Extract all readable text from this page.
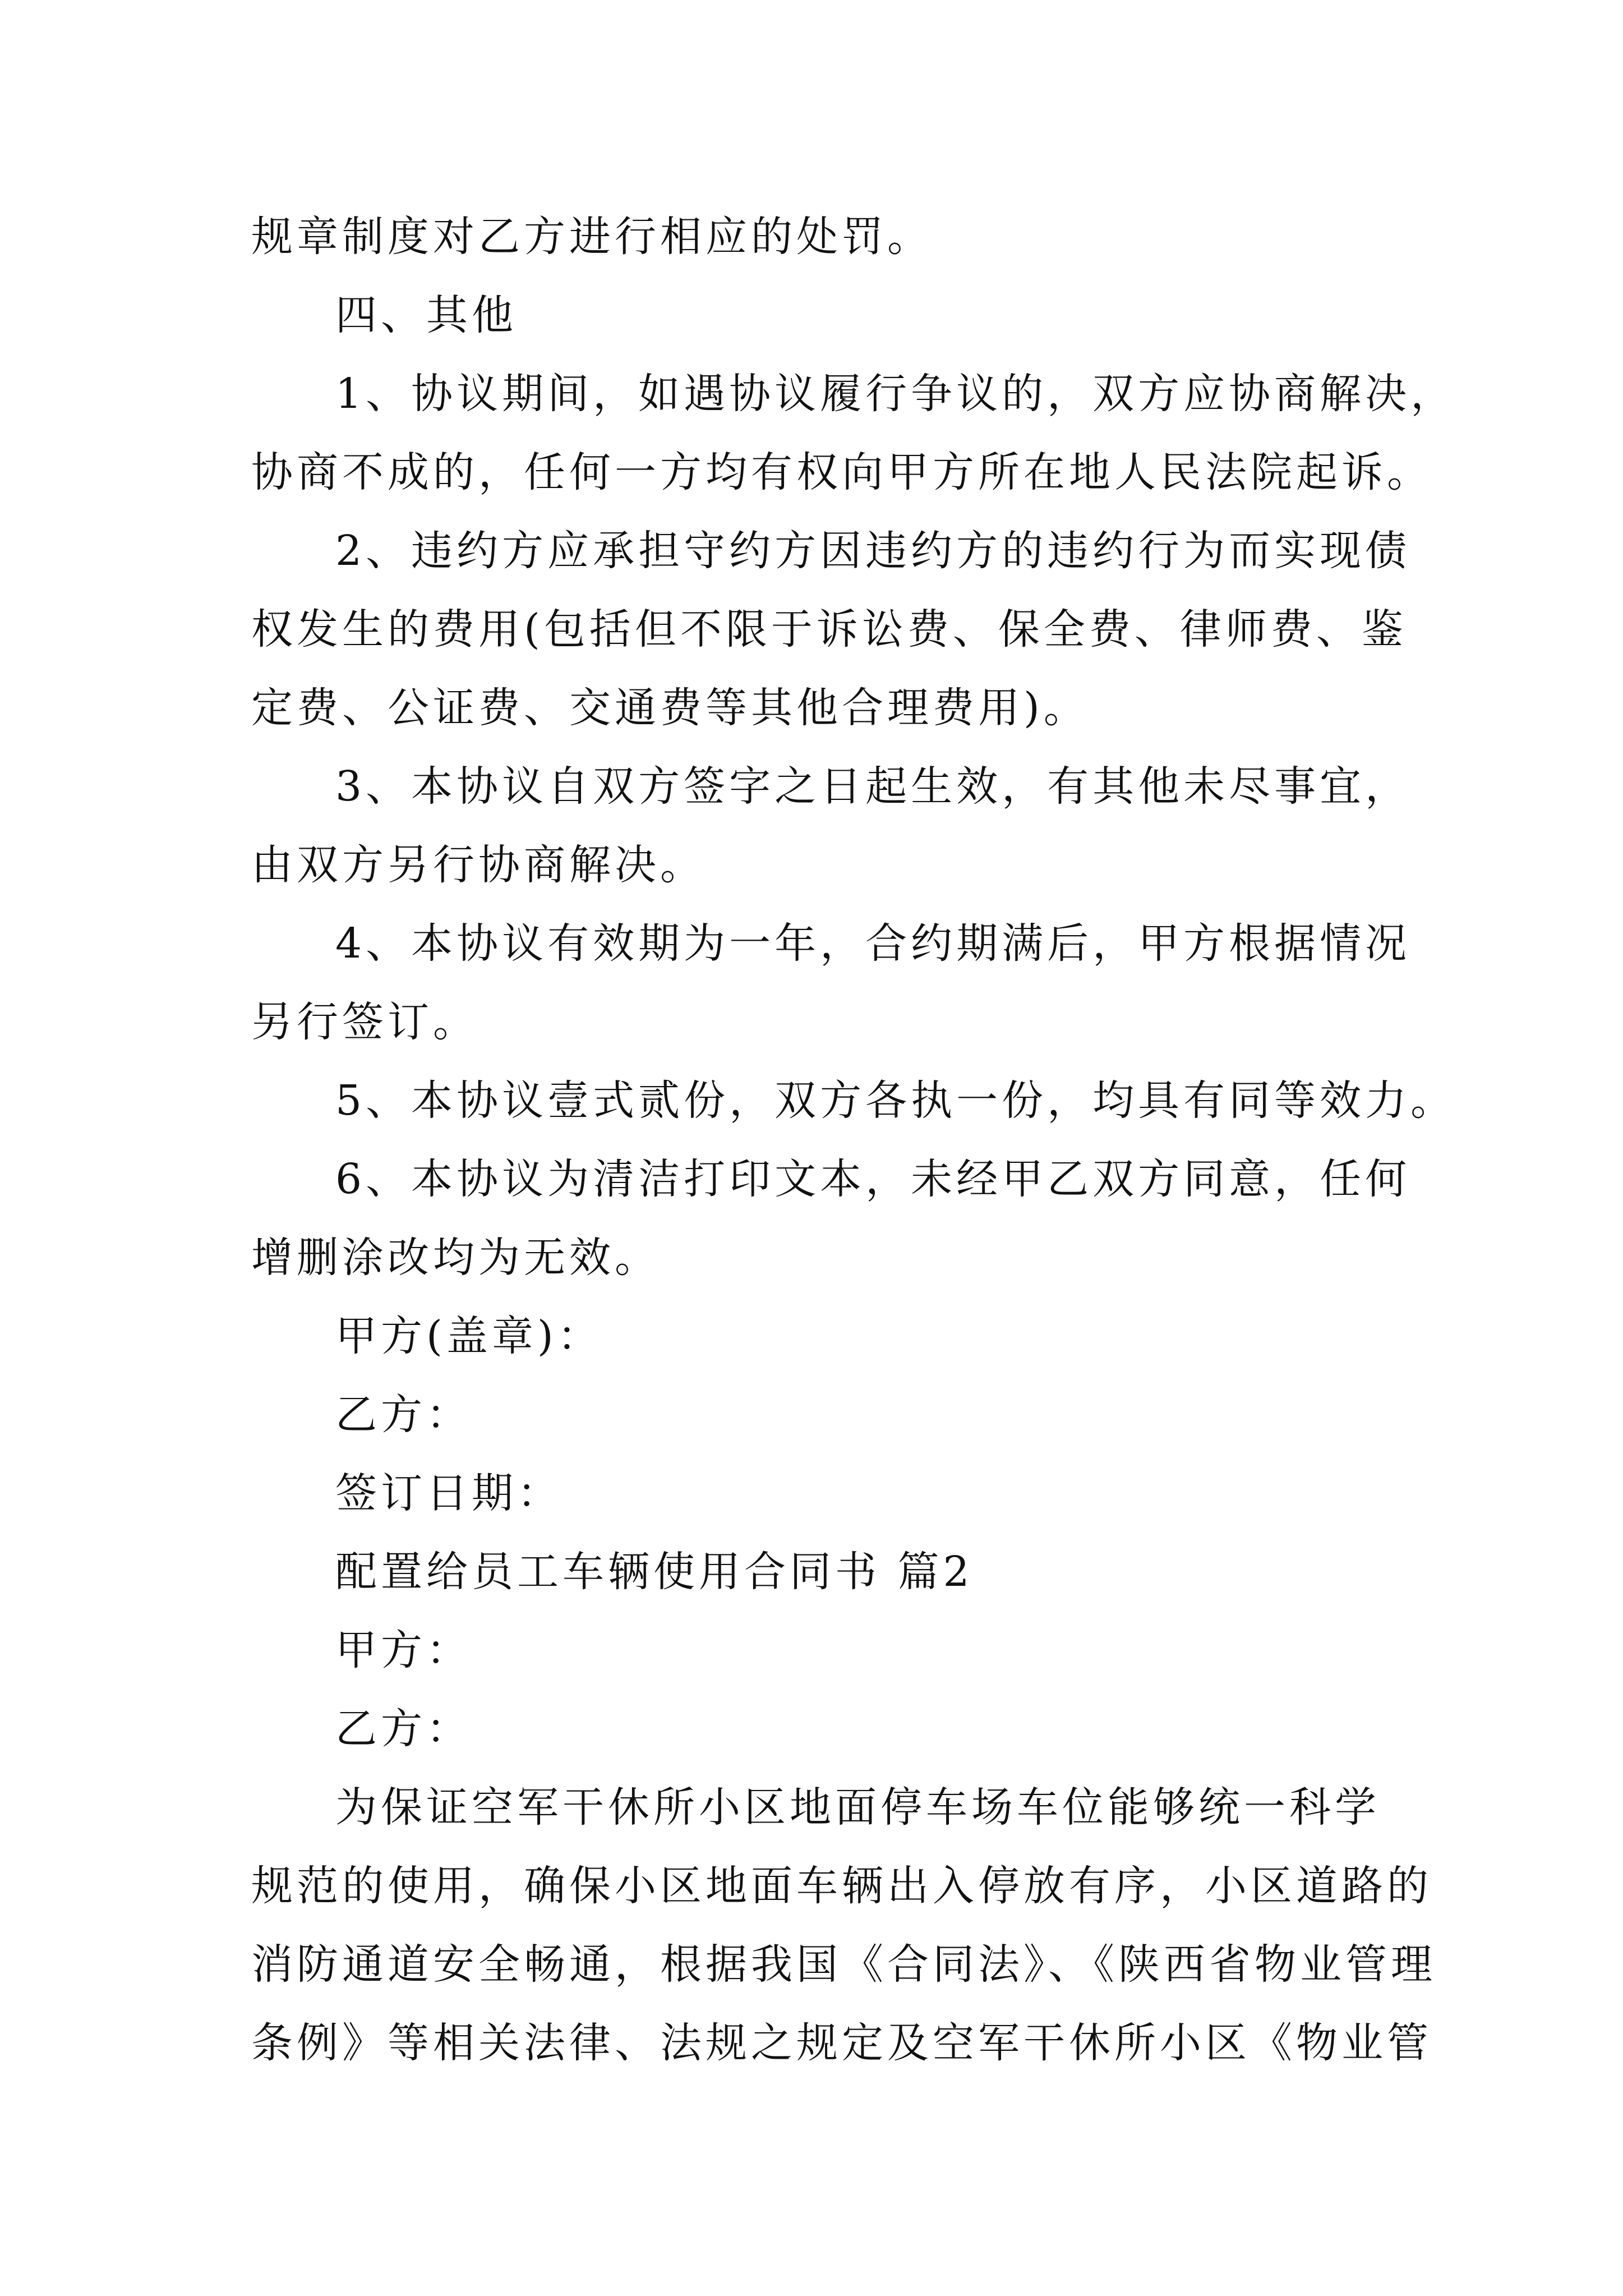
规章制度对乙方进行相应的处罚。
四、其他
1、协议期间，如遇协议履行争议的，双方应协商解决，
协商不成的，任何一方均有权向甲方所在地人民法院起诉。
2、违约方应承担守约方因违约方的违约行为而实现债
权发生的费用(包括但不限于诉讼费、保全费、律师费、鉴
定费、公证费、交通费等其他合理费用)。
3、本协议自双方签字之日起生效，有其他未尽事宜，
由双方另行协商解决。
4、本协议有效期为一年，合约期满后，甲方根据情况
另行签订。
5、本协议壹式贰份，双方各执一份，均具有同等效力。
6、本协议为清洁打印文本，未经甲乙双方同意，任何
增删涂改均为无效。
甲方(盖章)：
乙方：
签订日期：
配置给员工车辆使用合同书 篇2
甲方：
乙方：
为保证空军干休所小区地面停车场车位能够统一科学
规范的使用，确保小区地面车辆出入停放有序，小区道路的
消防通道安全畅通，根据我国《合同法》、《陕西省物业管理
条例》等相关法律、法规之规定及空军干休所小区《物业管
